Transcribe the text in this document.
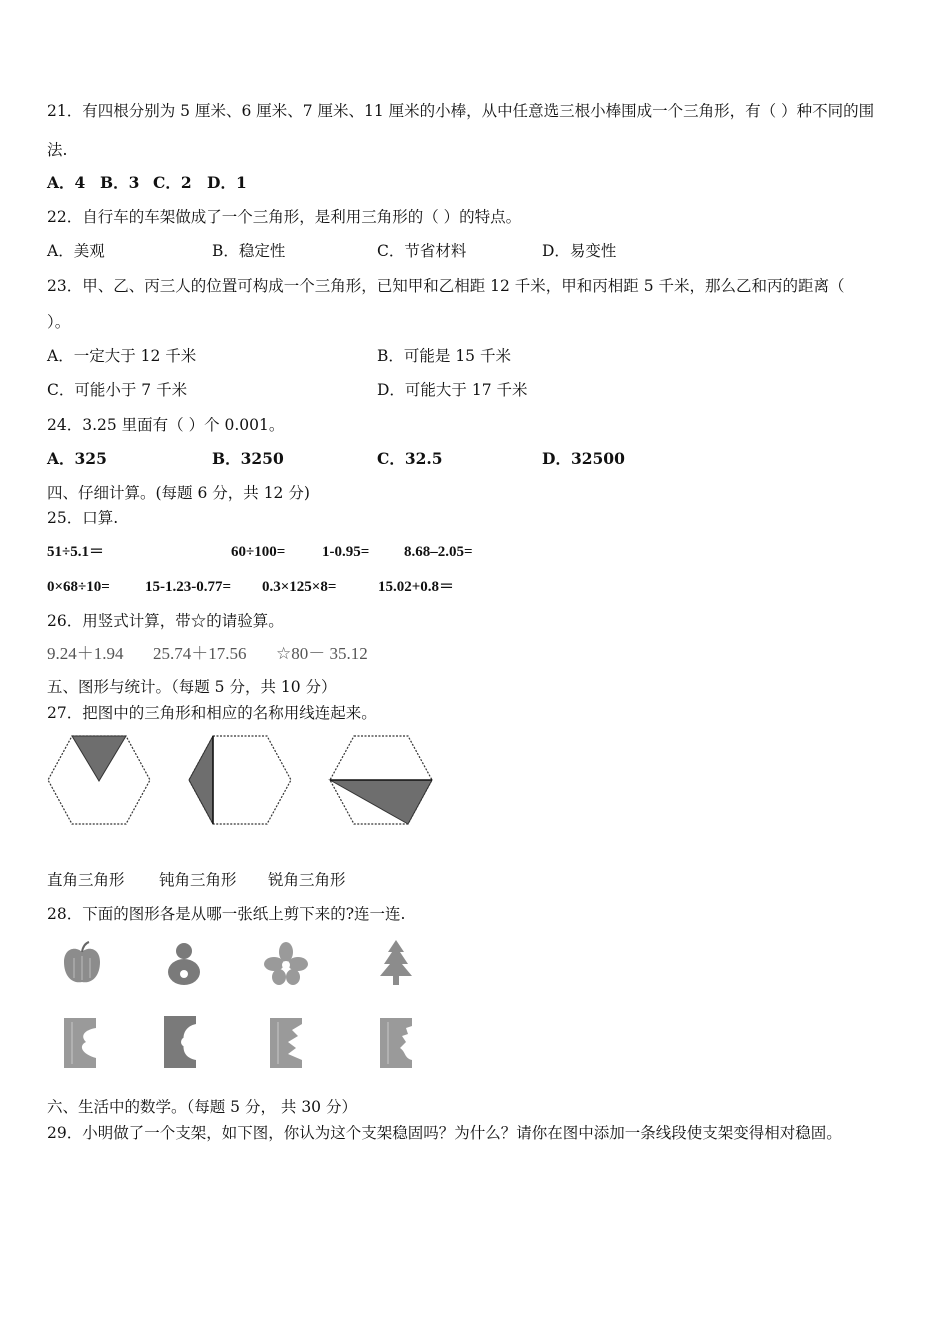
21．有四根分别为 5 厘米、6 厘米、7 厘米、11 厘米的小棒，从中任意选三根小棒围成一个三角形，有（ ）种不同的围
法.
A．4 B．3 C．2 D．1
22．自行车的车架做成了一个三角形，是利用三角形的（ ）的特点。
A．美观	B．稳定性	C．节省材料	D．易变性
23．甲、乙、丙三人的位置可构成一个三角形，已知甲和乙相距 12 千米，甲和丙相距 5 千米，那么乙和丙的距离（
）。
A．一定大于 12 千米	B．可能是 15 千米
C．可能小于 7 千米	D．可能大于 17 千米
24．3.25 里面有（ ）个 0.001。
A．325	B．3250	C．32.5	D．32500
四、仔细计算。(每题 6 分，共 12 分)
25．口算.
51÷5.1＝	60÷100= 1-0.95= 8.68–2.05=
0×68÷10= 15-1.23-0.77= 0.3×125×8=	15.02+0.8＝
26．用竖式计算，带☆的请验算。
9.24＋1.94 25.74＋17.56 ☆80－ 35.12
五、图形与统计。（每题 5 分，共 10 分）
27．把图中的三角形和相应的名称用线连起来。
直角三角形 钝角三角形 锐角三角形
28．下面的图形各是从哪一张纸上剪下来的?连一连.
六、生活中的数学。（每题 5 分， 共 30 分）
29．小明做了一个支架，如下图，你认为这个支架稳固吗？为什么？请你在图中添加一条线段使支架变得相对稳固。
